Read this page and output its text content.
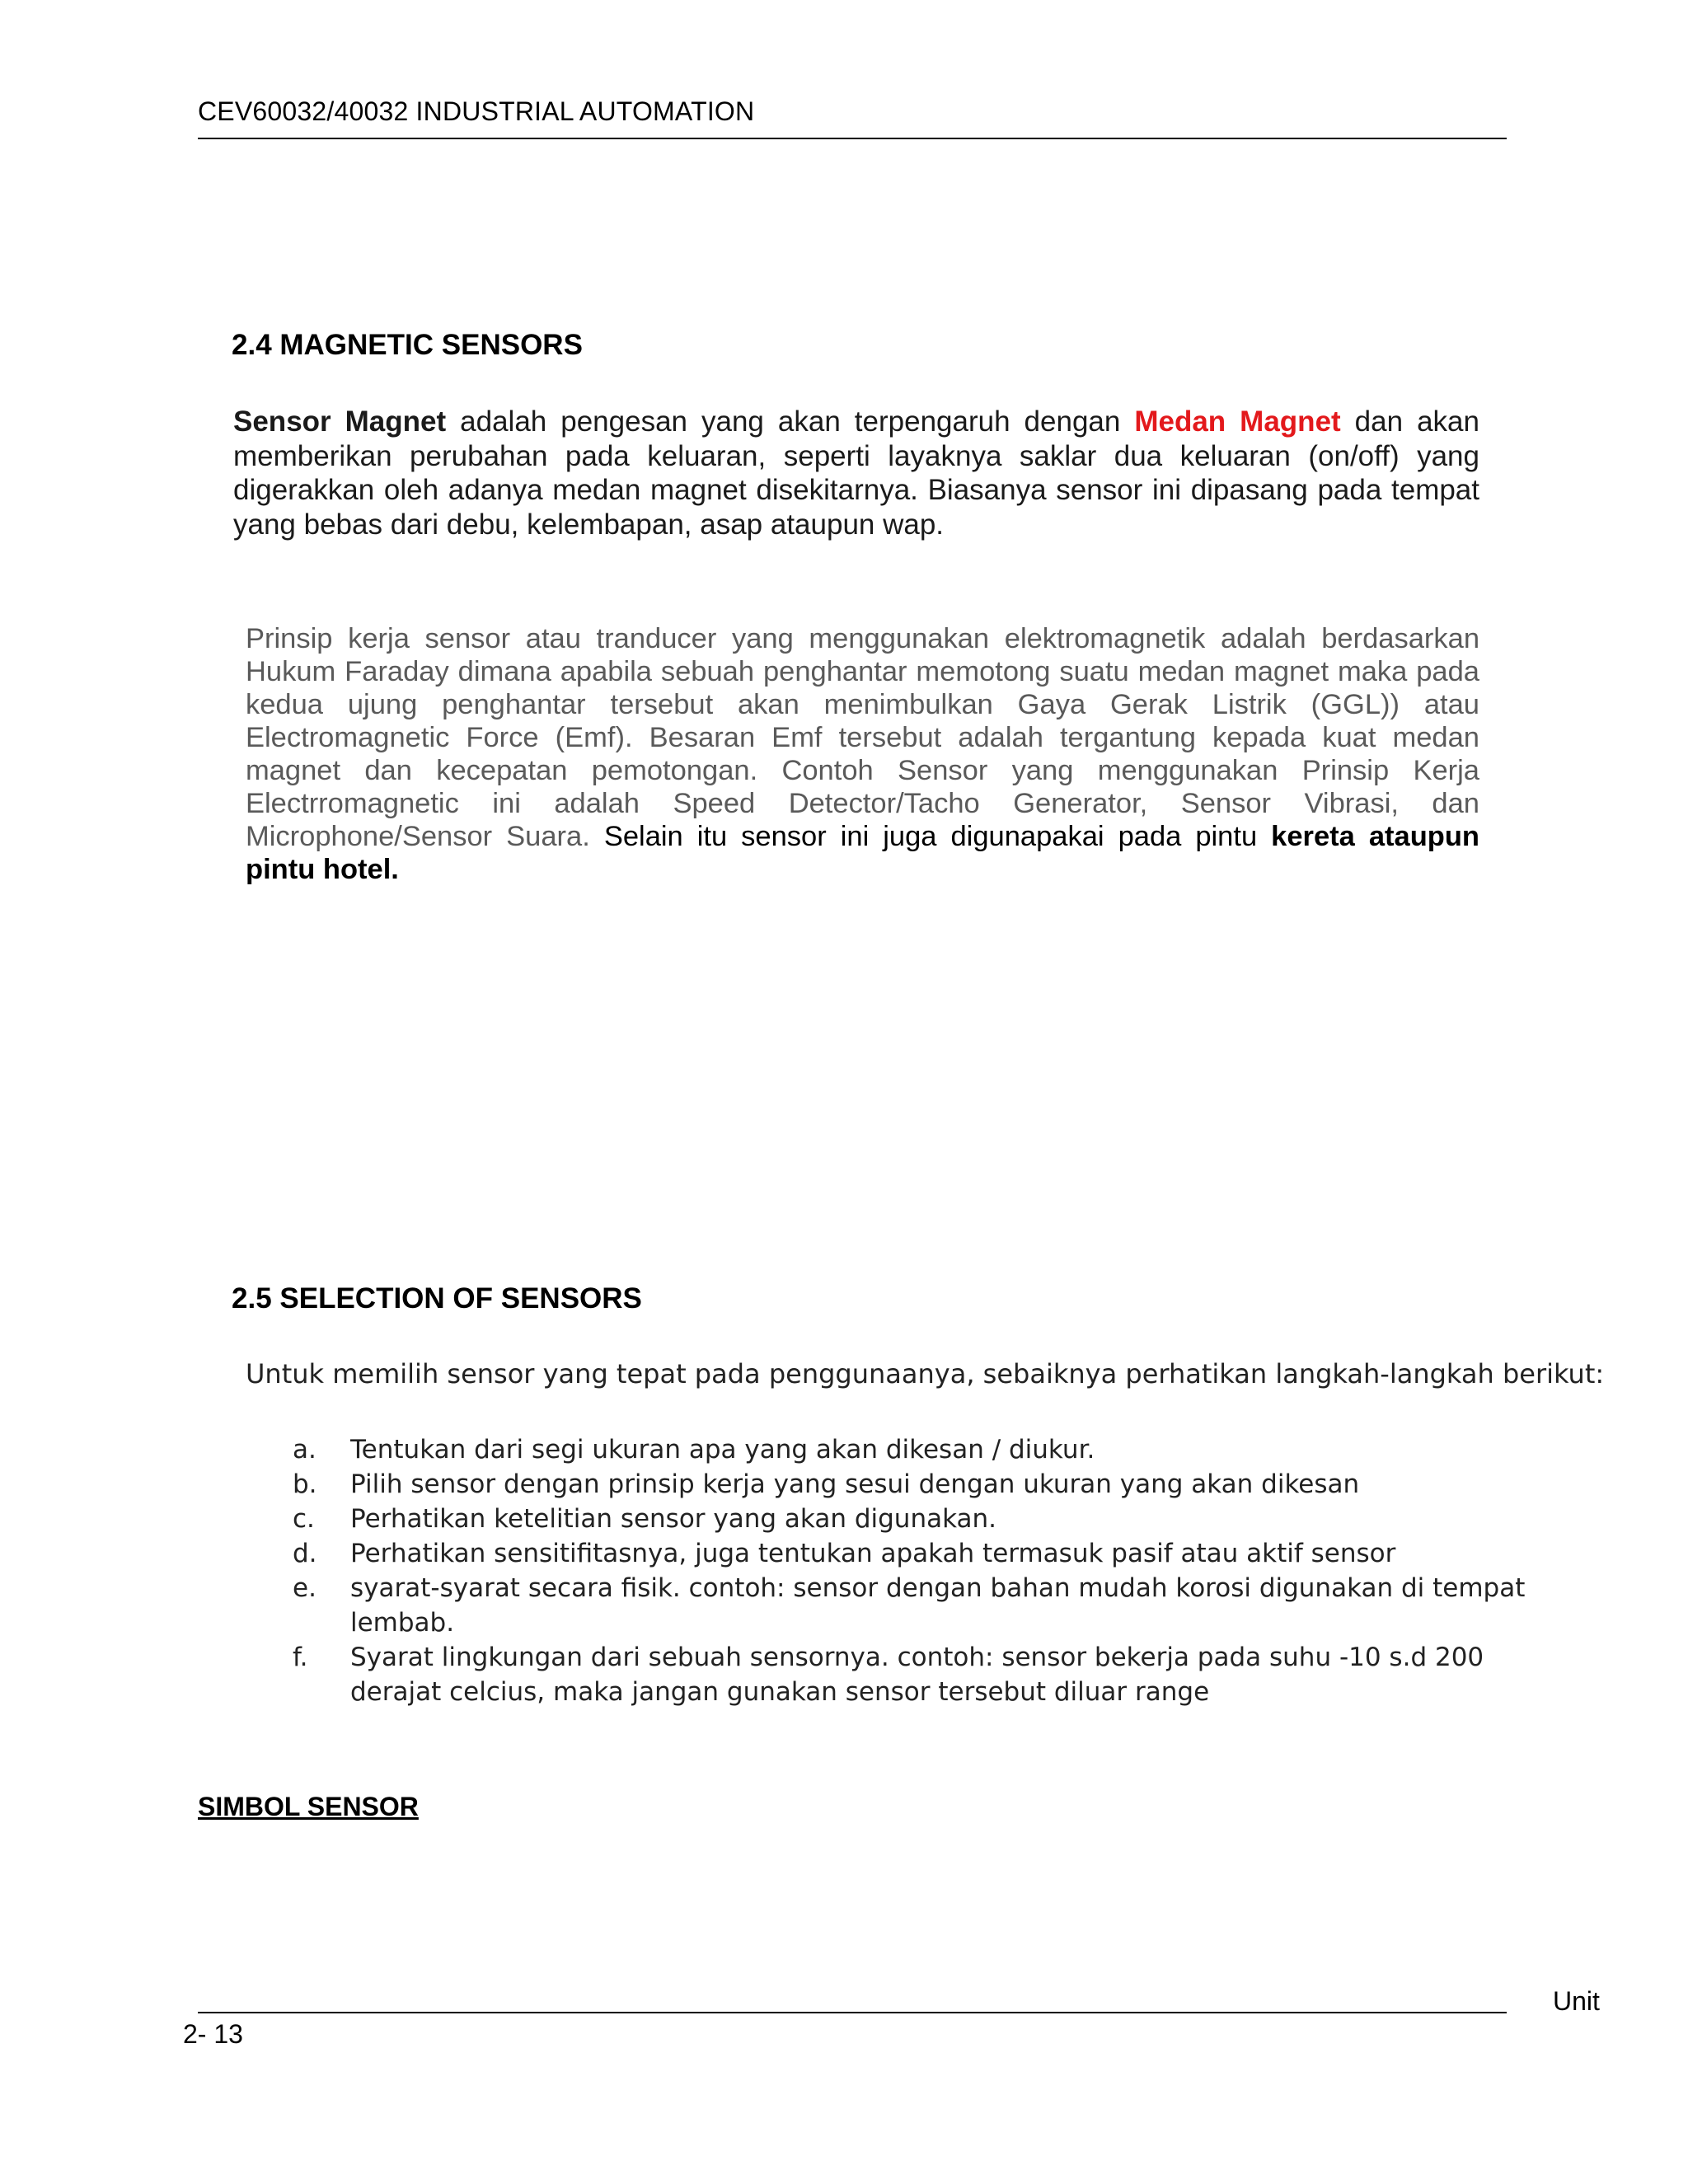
CEV60032/40032 INDUSTRIAL AUTOMATION
2.4 MAGNETIC SENSORS
Sensor Magnet adalah pengesan yang akan terpengaruh dengan Medan Magnet dan akan memberikan perubahan pada keluaran, seperti layaknya saklar dua keluaran (on/off) yang digerakkan oleh adanya medan magnet disekitarnya. Biasanya sensor ini dipasang pada tempat yang bebas dari debu, kelembapan, asap ataupun wap.
Prinsip kerja sensor atau tranducer yang menggunakan elektromagnetik adalah berdasarkan Hukum Faraday dimana apabila sebuah penghantar memotong suatu medan magnet maka pada kedua ujung penghantar tersebut akan menimbulkan Gaya Gerak Listrik (GGL)) atau Electromagnetic Force (Emf). Besaran Emf tersebut adalah tergantung kepada kuat medan magnet dan kecepatan pemotongan. Contoh Sensor yang menggunakan Prinsip Kerja Electrromagnetic ini adalah Speed Detector/Tacho Generator, Sensor Vibrasi, dan Microphone/Sensor Suara. Selain itu sensor ini juga digunapakai pada pintu kereta ataupun pintu hotel.
2.5 SELECTION OF SENSORS
Untuk memilih sensor yang tepat pada penggunaanya, sebaiknya perhatikan langkah-langkah berikut:
a.	Tentukan dari segi ukuran apa yang akan dikesan / diukur.
b.	Pilih sensor dengan prinsip kerja yang sesui dengan ukuran yang akan dikesan
c.	Perhatikan ketelitian sensor yang akan digunakan.
d.	Perhatikan sensitifitasnya, juga tentukan apakah termasuk pasif atau aktif sensor
e.	syarat-syarat secara fisik. contoh: sensor dengan bahan mudah korosi digunakan di tempat lembab.
f.	Syarat lingkungan dari sebuah sensornya. contoh: sensor bekerja pada suhu -10 s.d 200 derajat celcius, maka jangan gunakan sensor tersebut diluar range
SIMBOL SENSOR
Unit
2- 13
